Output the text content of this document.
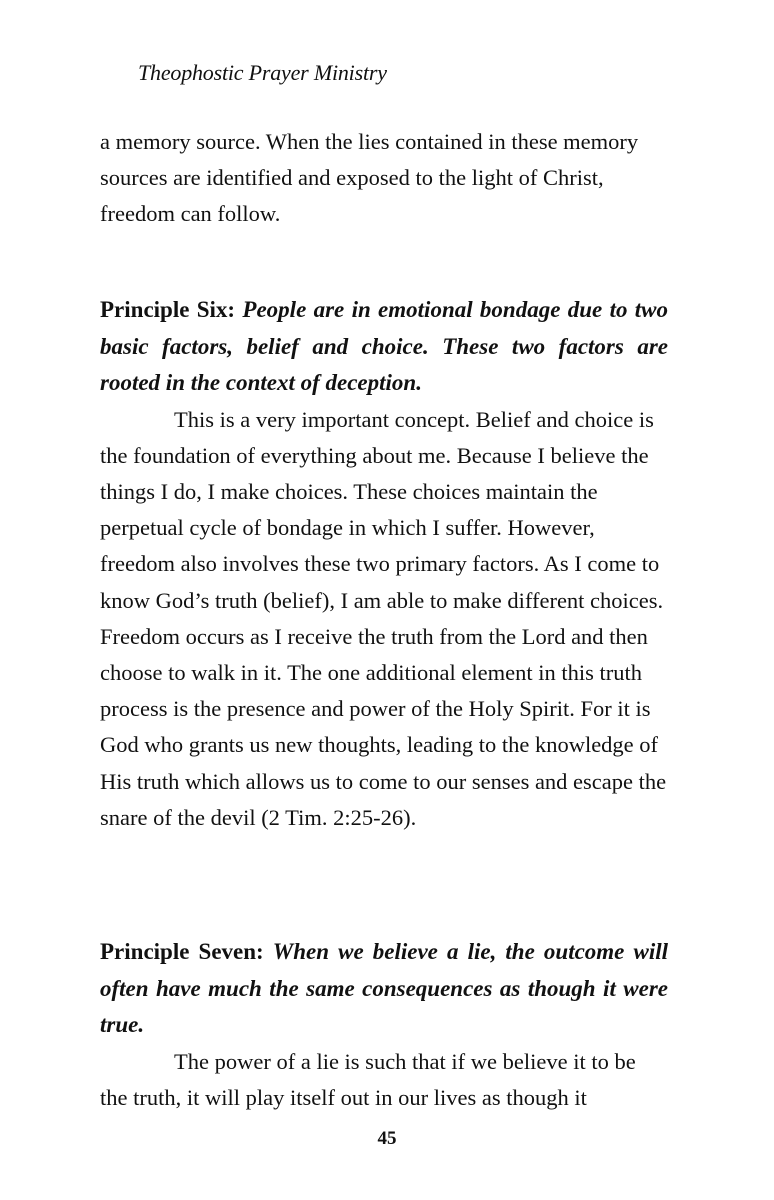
Theophostic Prayer Ministry

a memory source. When the lies contained in these memory sources are identified and exposed to the light of Christ, freedom can follow.

Principle Six: People are in emotional bondage due to two basic factors, belief and choice. These two factors are rooted in the context of deception.

This is a very important concept. Belief and choice is the foundation of everything about me. Because I believe the things I do, I make choices. These choices maintain the perpetual cycle of bondage in which I suffer. However, freedom also involves these two primary factors. As I come to know God’s truth (belief), I am able to make different choices. Freedom occurs as I receive the truth from the Lord and then choose to walk in it. The one additional element in this truth process is the presence and power of the Holy Spirit. For it is God who grants us new thoughts, leading to the knowledge of His truth which allows us to come to our senses and escape the snare of the devil (2 Tim. 2:25-26).

Principle Seven: When we believe a lie, the outcome will often have much the same consequences as though it were true.

The power of a lie is such that if we believe it to be the truth, it will play itself out in our lives as though it

45
